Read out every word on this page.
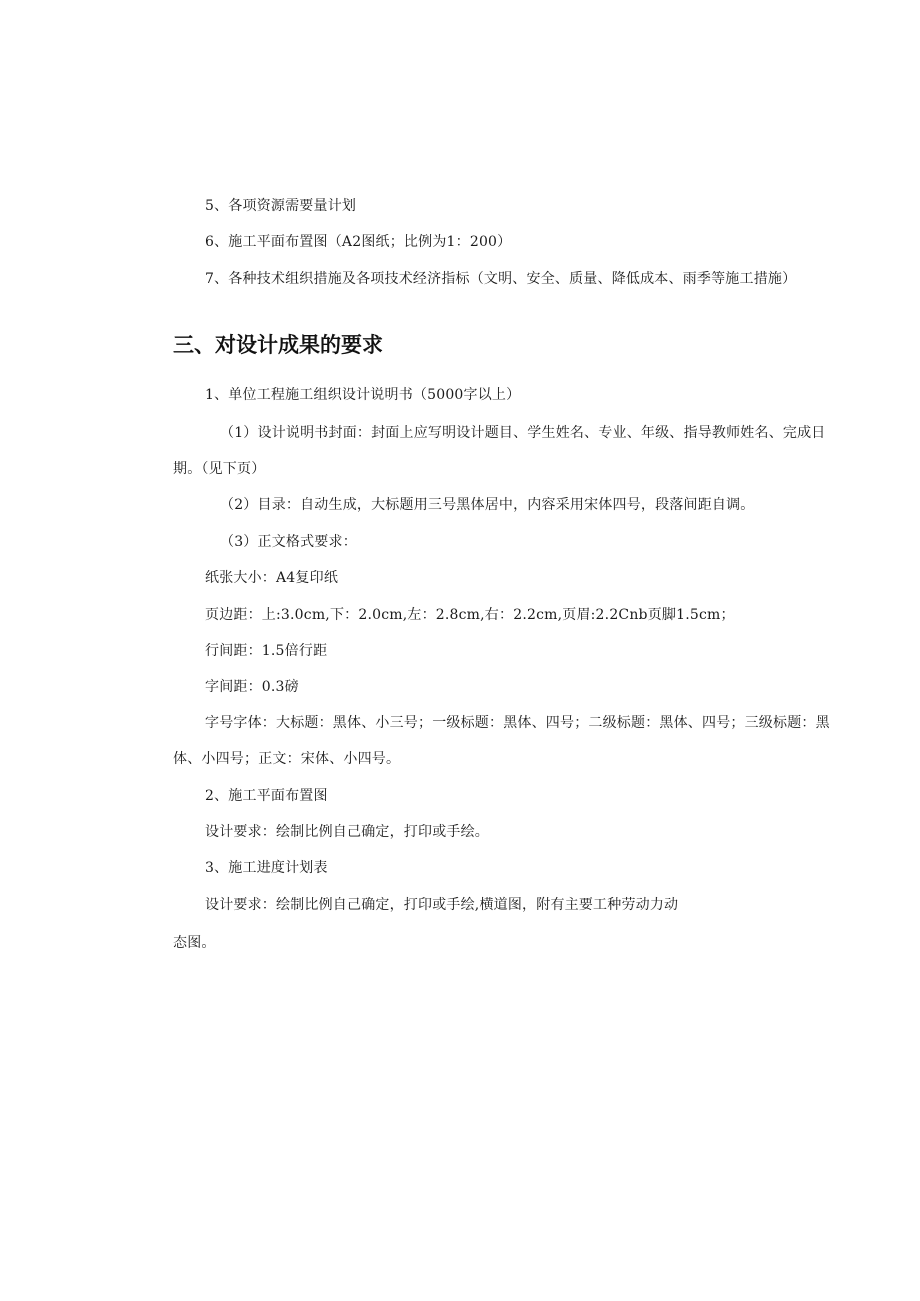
5、各项资源需要量计划
6、施工平面布置图（A2图纸；比例为1：200）
7、各种技术组织措施及各项技术经济指标（文明、安全、质量、降低成本、雨季等施工措施）
三、对设计成果的要求
1、单位工程施工组织设计说明书（5000字以上）
（1）设计说明书封面：封面上应写明设计题目、学生姓名、专业、年级、指导教师姓名、完成日
期。（见下页）
（2）目录：自动生成，大标题用三号黑体居中，内容采用宋体四号，段落间距自调。
（3）正文格式要求：
纸张大小：A4复印纸
页边距：上:3.0cm,下：2.0cm,左：2.8cm,右：2.2cm,页眉:2.2Cnb页脚1.5cm；
行间距：1.5倍行距
字间距：0.3磅
字号字体：大标题：黑体、小三号；一级标题：黑体、四号；二级标题：黑体、四号；三级标题：黑
体、小四号；正文：宋体、小四号。
2、施工平面布置图
设计要求：绘制比例自己确定，打印或手绘。
3、施工进度计划表
设计要求：绘制比例自己确定，打印或手绘,横道图，附有主要工种劳动力动
态图。
